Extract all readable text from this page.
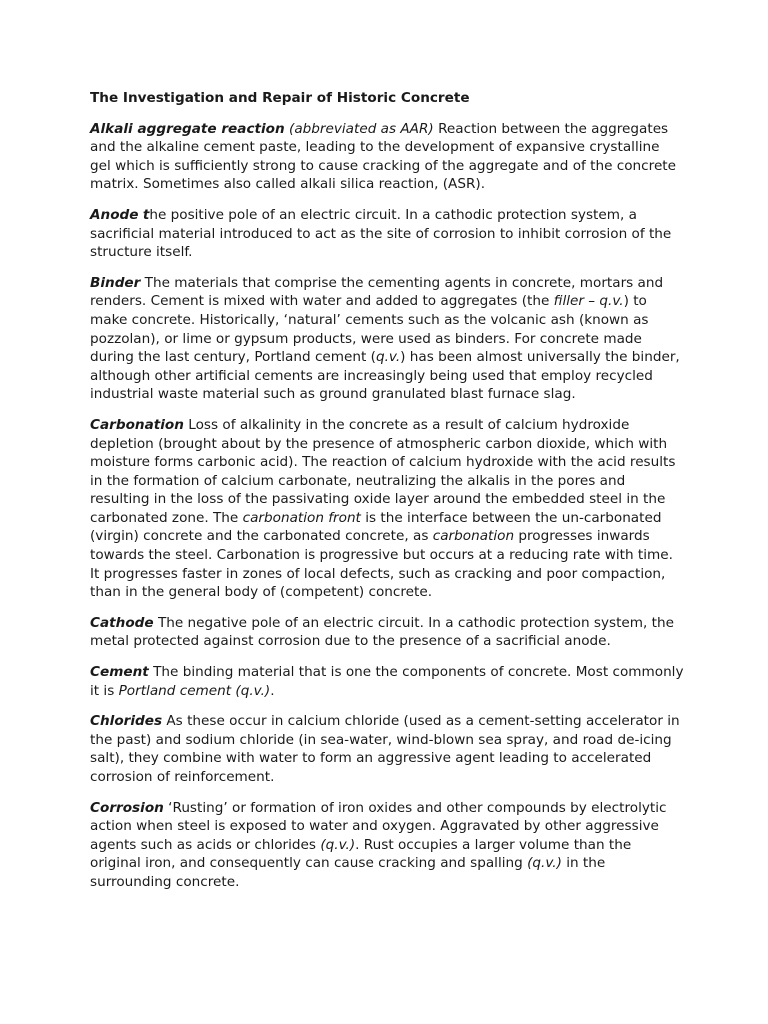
The Investigation and Repair of Historic Concrete

Alkali aggregate reaction (abbreviated as AAR) Reaction between the aggregates and the alkaline cement paste, leading to the development of expansive crystalline gel which is sufficiently strong to cause cracking of the aggregate and of the concrete matrix. Sometimes also called alkali silica reaction, (ASR).

Anode the positive pole of an electric circuit. In a cathodic protection system, a sacrificial material introduced to act as the site of corrosion to inhibit corrosion of the structure itself.

Binder The materials that comprise the cementing agents in concrete, mortars and renders. Cement is mixed with water and added to aggregates (the filler – q.v.) to make concrete. Historically, ‘natural’ cements such as the volcanic ash (known as pozzolan), or lime or gypsum products, were used as binders. For concrete made during the last century, Portland cement (q.v.) has been almost universally the binder, although other artificial cements are increasingly being used that employ recycled industrial waste material such as ground granulated blast furnace slag.

Carbonation Loss of alkalinity in the concrete as a result of calcium hydroxide depletion (brought about by the presence of atmospheric carbon dioxide, which with moisture forms carbonic acid). The reaction of calcium hydroxide with the acid results in the formation of calcium carbonate, neutralizing the alkalis in the pores and resulting in the loss of the passivating oxide layer around the embedded steel in the carbonated zone. The carbonation front is the interface between the un-carbonated (virgin) concrete and the carbonated concrete, as carbonation progresses inwards towards the steel. Carbonation is progressive but occurs at a reducing rate with time. It progresses faster in zones of local defects, such as cracking and poor compaction, than in the general body of (competent) concrete.

Cathode The negative pole of an electric circuit. In a cathodic protection system, the metal protected against corrosion due to the presence of a sacrificial anode.

Cement The binding material that is one the components of concrete. Most commonly it is Portland cement (q.v.).

Chlorides As these occur in calcium chloride (used as a cement-setting accelerator in the past) and sodium chloride (in sea-water, wind-blown sea spray, and road de-icing salt), they combine with water to form an aggressive agent leading to accelerated corrosion of reinforcement.

Corrosion ‘Rusting’ or formation of iron oxides and other compounds by electrolytic action when steel is exposed to water and oxygen. Aggravated by other aggressive agents such as acids or chlorides (q.v.). Rust occupies a larger volume than the original iron, and consequently can cause cracking and spalling (q.v.) in the surrounding concrete.
